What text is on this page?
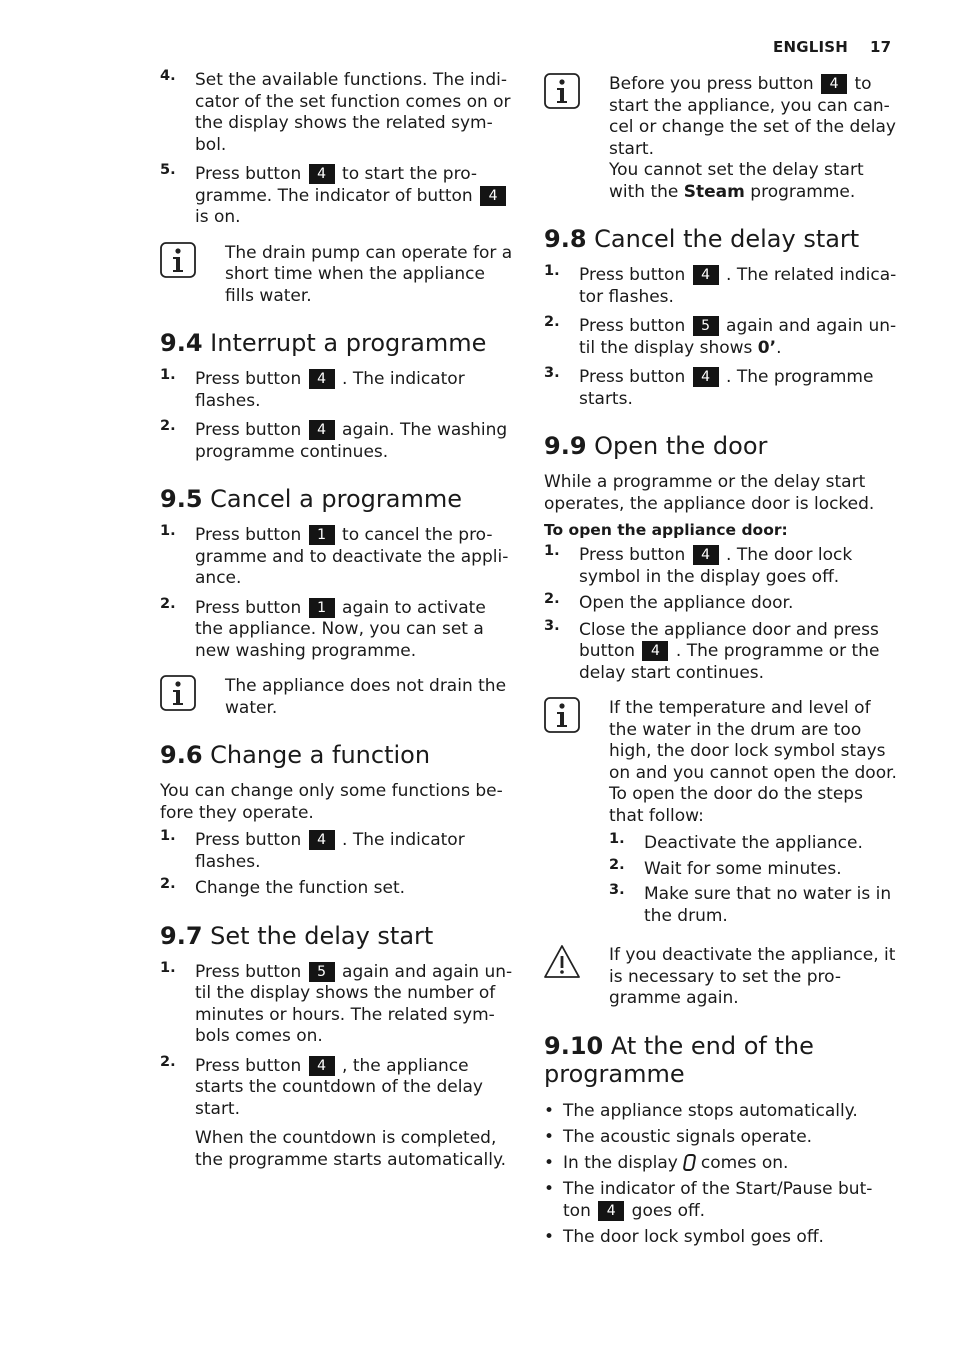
ENGLISH 17
4. Set the available functions. The indi-cator of the set function comes on or the display shows the related sym-bol.

5. Press button 4 to start the pro-gramme. The indicator of button 4 is on.

The drain pump can operate for a short time when the appliance fills water.

9.4 Interrupt a programme
1. Press button 4 . The indicator flashes.

2. Press button 4 again. The washing programme continues.

9.5 Cancel a programme
1. Press button 1 to cancel the pro-gramme and to deactivate the appli-ance.

2. Press button 1 again to activate the appliance. Now, you can set a new washing programme.

The appliance does not drain the water.

9.6 Change a function

You can change only some functions be-fore they operate.

1. Press button 4 . The indicator flashes.

2. Change the function set.

9.7 Set the delay start
1. Press button 5 again and again un-til the display shows the number of minutes or hours. The related sym-bols comes on.

2. Press button 4 , the appliance starts the countdown of the delay start.

When the countdown is completed, the programme starts automatically.

Before you press button 4 to start the appliance, you can can-cel or change the set of the delay start.
You cannot set the delay start with the Steam programme.

9.8 Cancel the delay start
1. Press button 4 . The related indica-tor flashes.

2. Press button 5 again and again un-til the display shows 0’.

3. Press button 4 . The programme starts.

9.9 Open the door

While a programme or the delay start operates, the appliance door is locked.

To open the appliance door:
1. Press button 4 . The door lock symbol in the display goes off.

2. Open the appliance door.

3. Close the appliance door and press button 4 . The programme or the delay start continues.

If the temperature and level of the water in the drum are too high, the door lock symbol stays on and you cannot open the door. To open the door do the steps that follow:

1. Deactivate the appliance.

2. Wait for some minutes.

3. Make sure that no water is in the drum.

If you deactivate the appliance, it is necessary to set the pro-gramme again.

9.10 At the end of the programme
• The appliance stops automatically.
• The acoustic signals operate.
• In the display comes on.
• The indicator of the Start/Pause but-ton 4 goes off.
• The door lock symbol goes off.
